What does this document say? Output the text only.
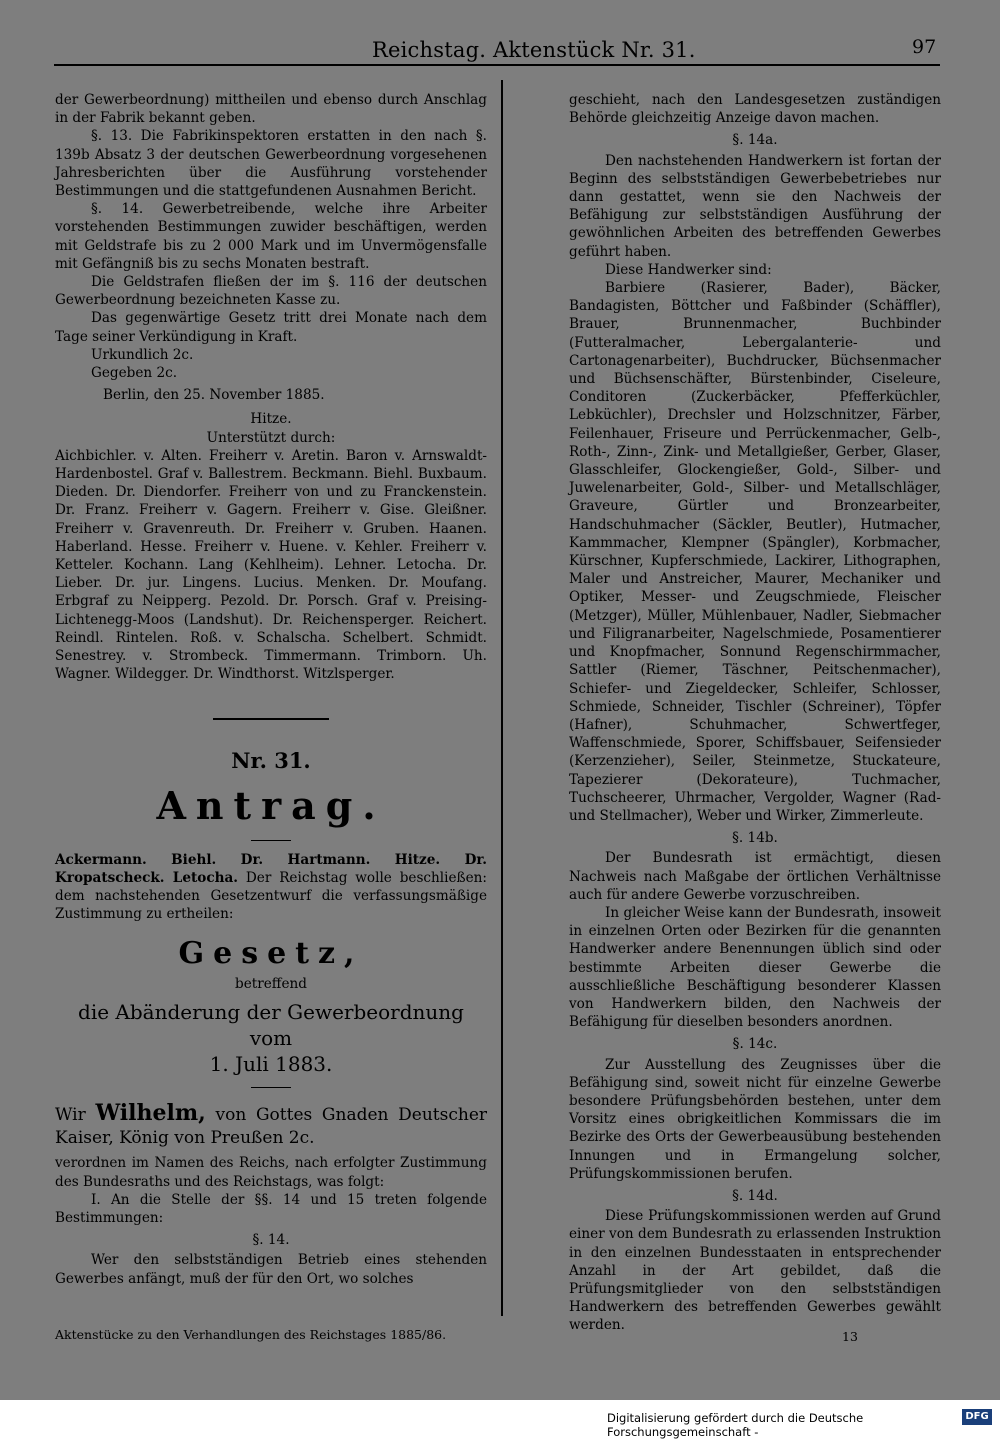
Reichstag. Aktenstück Nr. 31.	97

der Gewerbeordnung) mittheilen und ebenso durch Anschlag in der Fabrik bekannt geben.

§. 13. Die Fabrikinspektoren erstatten in den nach §. 139b Absatz 3 der deutschen Gewerbeordnung vorgesehenen Jahresberichten über die Ausführung vorstehender Bestimmungen und die stattgefundenen Ausnahmen Bericht.

§. 14. Gewerbetreibende, welche ihre Arbeiter vorstehenden Bestimmungen zuwider beschäftigen, werden mit Geldstrafe bis zu 2 000 Mark und im Unvermögensfalle mit Gefängniß bis zu sechs Monaten bestraft.

Die Geldstrafen fließen der im §. 116 der deutschen Gewerbeordnung bezeichneten Kasse zu.

Das gegenwärtige Gesetz tritt drei Monate nach dem Tage seiner Verkündigung in Kraft.

Urkundlich 2c.

Gegeben 2c.

Berlin, den 25. November 1885.

Hitze.

Unterstützt durch:

Aichbichler. v. Alten. Freiherr v. Aretin. Baron v. Arnswaldt-Hardenbostel. Graf v. Ballestrem. Beckmann. Biehl. Buxbaum. Dieden. Dr. Diendorfer. Freiherr von und zu Franckenstein. Dr. Franz. Freiherr v. Gagern. Freiherr v. Gise. Gleißner. Freiherr v. Gravenreuth. Dr. Freiherr v. Gruben. Haanen. Haberland. Hesse. Freiherr v. Huene. v. Kehler. Freiherr v. Ketteler. Kochann. Lang (Kehlheim). Lehner. Letocha. Dr. Lieber. Dr. jur. Lingens. Lucius. Menken. Dr. Moufang. Erbgraf zu Neipperg. Pezold. Dr. Porsch. Graf v. Preising-Lichtenegg-Moos (Landshut). Dr. Reichensperger. Reichert. Reindl. Rintelen. Roß. v. Schalscha. Schelbert. Schmidt. Senestrey. v. Strombeck. Timmermann. Trimborn. Uh. Wagner. Wildegger. Dr. Windthorst. Witzlsperger.

Nr. 31.
Antrag.

Ackermann. Biehl. Dr. Hartmann. Hitze. Dr. Kropatscheck. Letocha. Der Reichstag wolle beschließen: dem nachstehenden Gesetzentwurf die verfassungsmäßige Zustimmung zu ertheilen:

Gesetz,
betreffend
die Abänderung der Gewerbeordnung vom
1. Juli 1883.

Wir Wilhelm, von Gottes Gnaden Deutscher Kaiser, König von Preußen 2c.

verordnen im Namen des Reichs, nach erfolgter Zustimmung des Bundesraths und des Reichstags, was folgt:

I. An die Stelle der §§. 14 und 15 treten folgende Bestimmungen:

§. 14.

Wer den selbstständigen Betrieb eines stehenden Gewerbes anfängt, muß der für den Ort, wo solches

geschieht, nach den Landesgesetzen zuständigen Behörde gleichzeitig Anzeige davon machen.

§. 14a.

Den nachstehenden Handwerkern ist fortan der Beginn des selbstständigen Gewerbebetriebes nur dann gestattet, wenn sie den Nachweis der Befähigung zur selbstständigen Ausführung der gewöhnlichen Arbeiten des betreffenden Gewerbes geführt haben.

Diese Handwerker sind:

Barbiere (Rasierer, Bader), Bäcker, Bandagisten, Böttcher und Faßbinder (Schäffler), Brauer, Brunnenmacher, Buchbinder (Futteralmacher, Lebergalanterie- und Cartonagenarbeiter), Buchdrucker, Büchsenmacher und Büchsenschäfter, Bürstenbinder, Ciseleure, Conditoren (Zuckerbäcker, Pfefferküchler, Lebküchler), Drechsler und Holzschnitzer, Färber, Feilenhauer, Friseure und Perrückenmacher, Gelb-, Roth-, Zinn-, Zink- und Metallgießer, Gerber, Glaser, Glasschleifer, Glockengießer, Gold-, Silber- und Juwelenarbeiter, Gold-, Silber- und Metallschläger, Graveure, Gürtler und Bronzearbeiter, Handschuhmacher (Säckler, Beutler), Hutmacher, Kammmacher, Klempner (Spängler), Korbmacher, Kürschner, Kupferschmiede, Lackirer, Lithographen, Maler und Anstreicher, Maurer, Mechaniker und Optiker, Messer- und Zeugschmiede, Fleischer (Metzger), Müller, Mühlenbauer, Nadler, Siebmacher und Filigranarbeiter, Nagelschmiede, Posamentierer und Knopfmacher, Sonnund Regenschirmmacher, Sattler (Riemer, Täschner, Peitschenmacher), Schiefer- und Ziegeldecker, Schleifer, Schlosser, Schmiede, Schneider, Tischler (Schreiner), Töpfer (Hafner), Schuhmacher, Schwertfeger, Waffenschmiede, Sporer, Schiffsbauer, Seifensieder (Kerzenzieher), Seiler, Steinmetze, Stuckateure, Tapezierer (Dekorateure), Tuchmacher, Tuchscheerer, Uhrmacher, Vergolder, Wagner (Rad- und Stellmacher), Weber und Wirker, Zimmerleute.

§. 14b.

Der Bundesrath ist ermächtigt, diesen Nachweis nach Maßgabe der örtlichen Verhältnisse auch für andere Gewerbe vorzuschreiben.

In gleicher Weise kann der Bundesrath, insoweit in einzelnen Orten oder Bezirken für die genannten Handwerker andere Benennungen üblich sind oder bestimmte Arbeiten dieser Gewerbe die ausschließliche Beschäftigung besonderer Klassen von Handwerkern bilden, den Nachweis der Befähigung für dieselben besonders anordnen.

§. 14c.

Zur Ausstellung des Zeugnisses über die Befähigung sind, soweit nicht für einzelne Gewerbe besondere Prüfungsbehörden bestehen, unter dem Vorsitz eines obrigkeitlichen Kommissars die im Bezirke des Orts der Gewerbeausübung bestehenden Innungen und in Ermangelung solcher, Prüfungskommissionen berufen.

§. 14d.

Diese Prüfungskommissionen werden auf Grund einer von dem Bundesrath zu erlassenden Instruktion in den einzelnen Bundesstaaten in entsprechender Anzahl in der Art gebildet, daß die Prüfungsmitglieder von den selbstständigen Handwerkern des betreffenden Gewerbes gewählt werden.

Aktenstücke zu den Verhandlungen des Reichstages 1885/86.	13
Digitalisierung gefördert durch die Deutsche Forschungsgemeinschaft -
DFG
